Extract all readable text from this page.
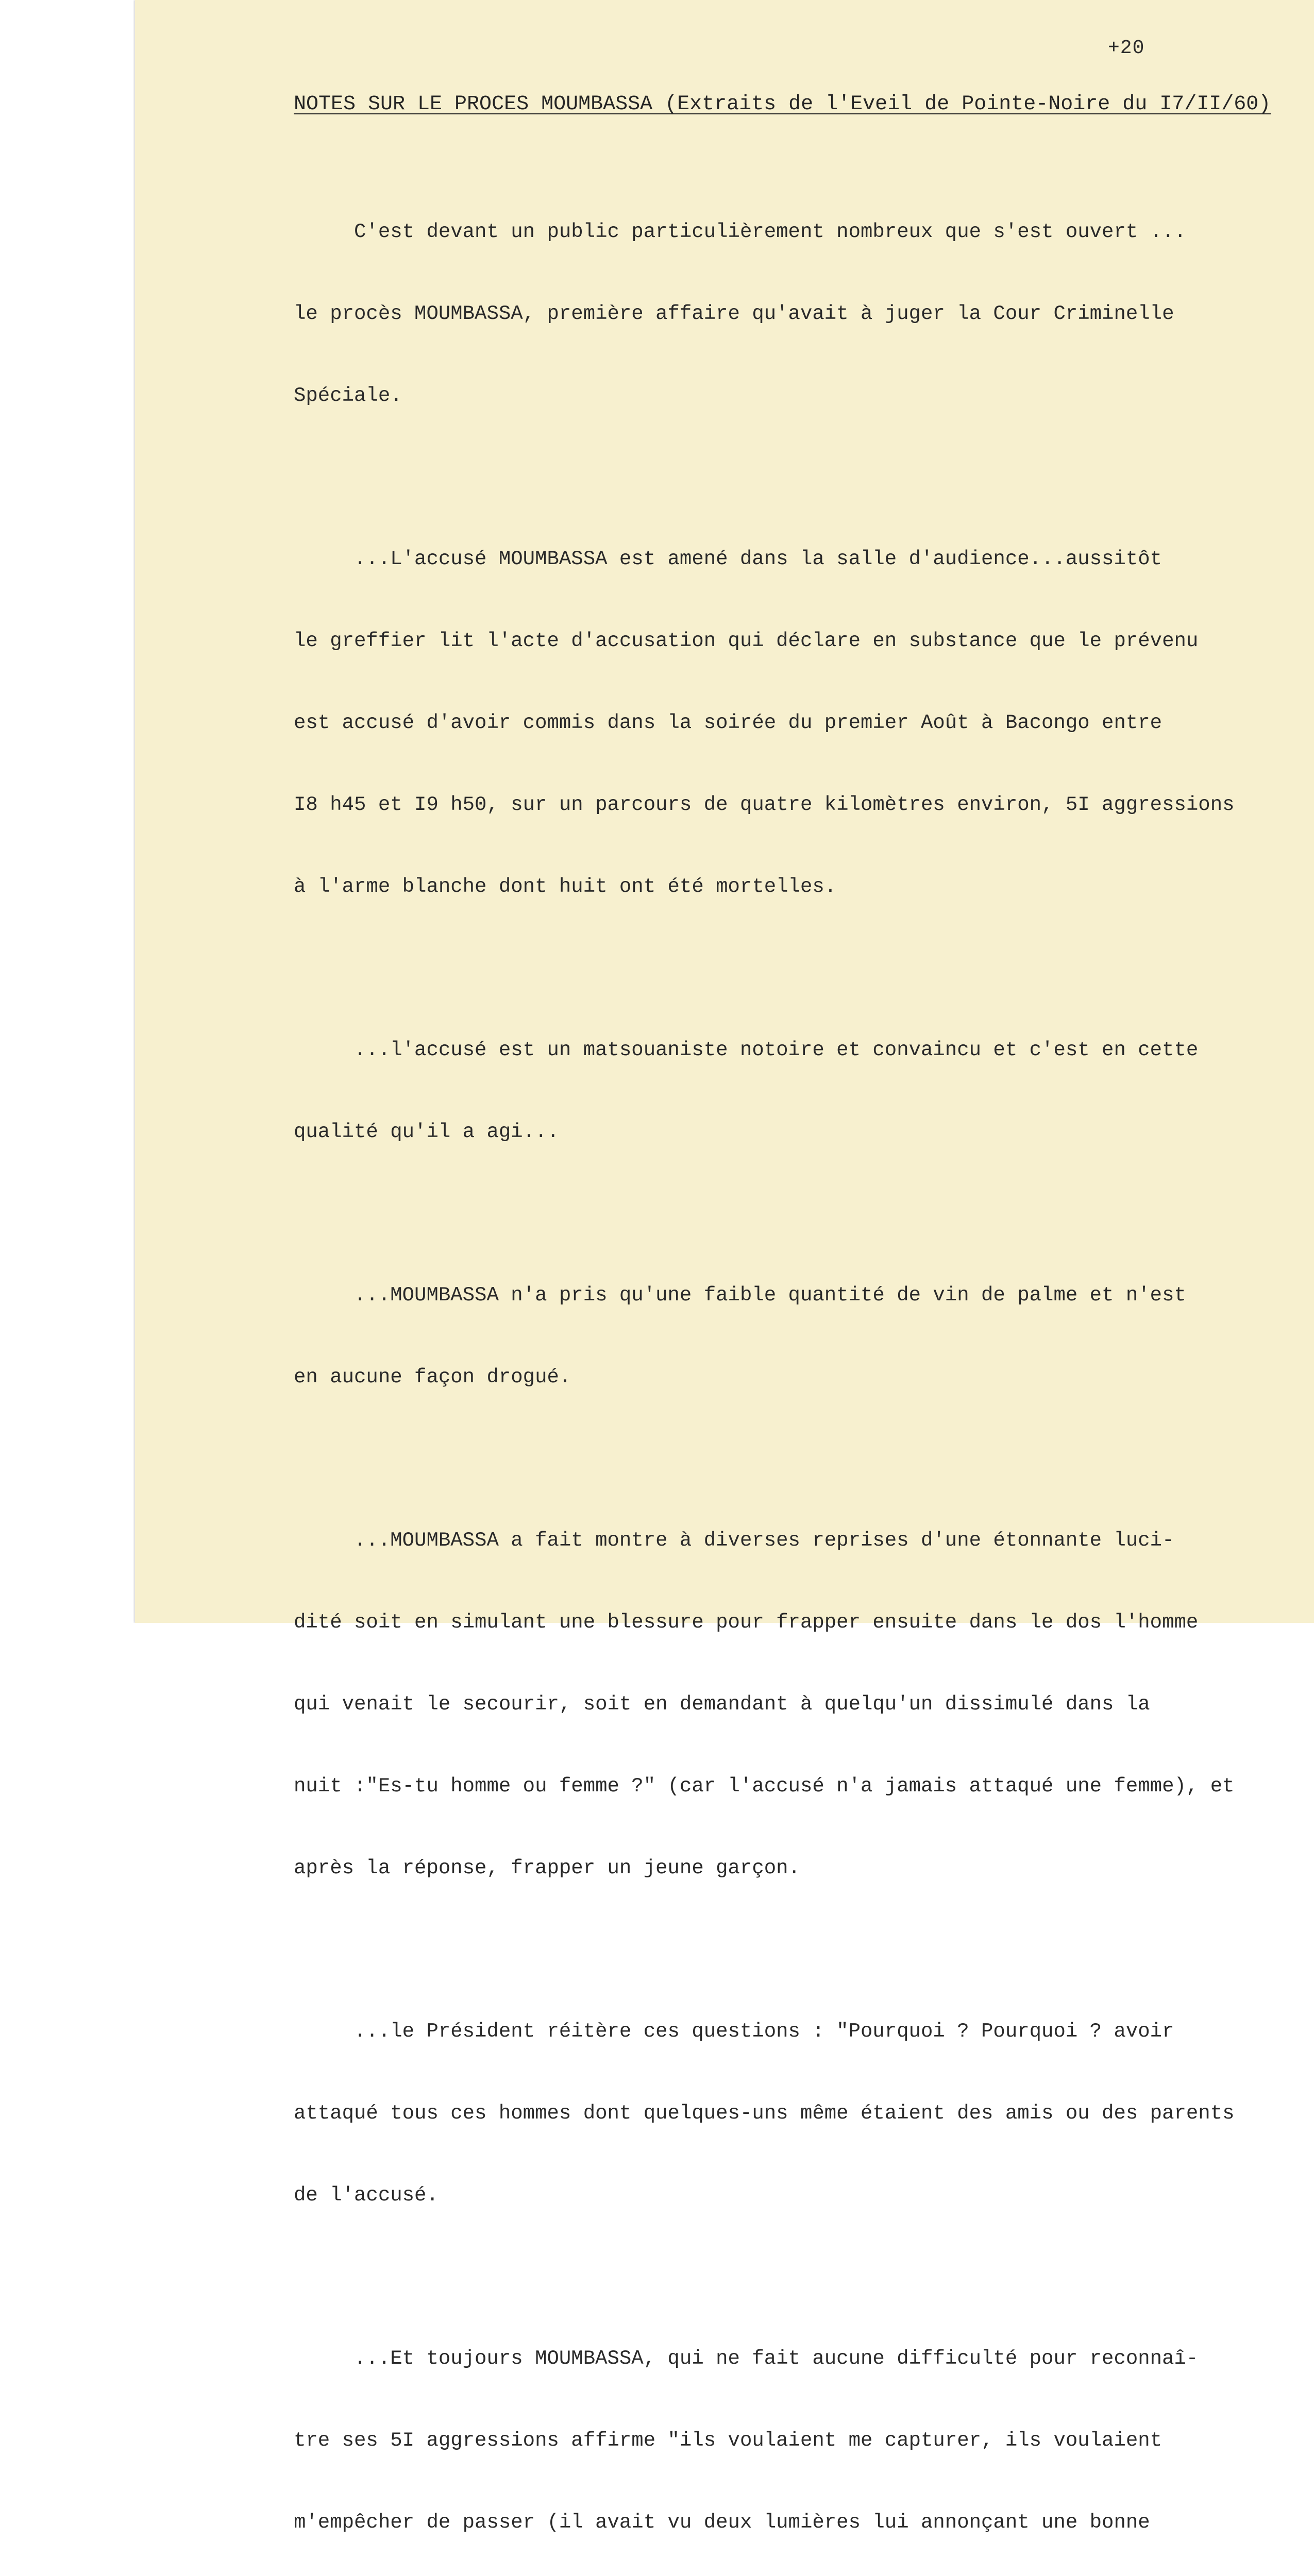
+20
NOTES SUR LE PROCES MOUMBASSA (Extraits de l'Eveil de Pointe-Noire du I7/II/60)

C'est devant un public particulièrement nombreux que s'est ouvert ...

le procès MOUMBASSA, première affaire qu'avait à juger la Cour Criminelle

Spéciale.

...L'accusé MOUMBASSA est amené dans la salle d'audience...aussitôt

le greffier lit l'acte d'accusation qui déclare en substance que le prévenu

est accusé d'avoir commis dans la soirée du premier Août à Bacongo entre

I8 h45 et I9 h50, sur un parcours de quatre kilomètres environ, 5I aggressions

à l'arme blanche dont huit ont été mortelles.

...l'accusé est un matsouaniste notoire et convaincu et c'est en cette

qualité qu'il a agi...

...MOUMBASSA n'a pris qu'une faible quantité de vin de palme et n'est

en aucune façon drogué.

...MOUMBASSA a fait montre à diverses reprises d'une étonnante luci-

dité soit en simulant une blessure pour frapper ensuite dans le dos l'homme

qui venait le secourir, soit en demandant à quelqu'un dissimulé dans la

nuit :"Es-tu homme ou femme ?" (car l'accusé n'a jamais attaqué une femme), et

après la réponse, frapper un jeune garçon.

...le Président réitère ces questions : "Pourquoi ? Pourquoi ? avoir

attaqué tous ces hommes dont quelques-uns même étaient des amis ou des parents

de l'accusé.

...Et toujours MOUMBASSA, qui ne fait aucune difficulté pour reconnaî-

tre ses 5I aggressions affirme "ils voulaient me capturer, ils voulaient

m'empêcher de passer (il avait vu deux lumières lui annonçant une bonne
